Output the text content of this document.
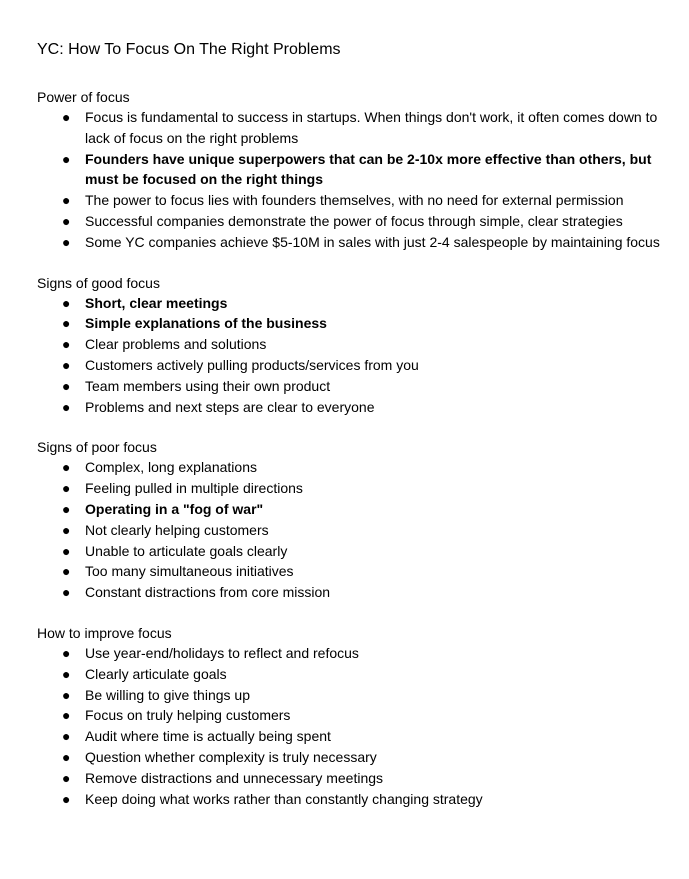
YC: How To Focus On The Right Problems
Power of focus
● Focus is fundamental to success in startups. When things don't work, it often comes down to lack of focus on the right problems
● Founders have unique superpowers that can be 2-10x more effective than others, but must be focused on the right things
● The power to focus lies with founders themselves, with no need for external permission
● Successful companies demonstrate the power of focus through simple, clear strategies
● Some YC companies achieve $5-10M in sales with just 2-4 salespeople by maintaining focus
Signs of good focus
● Short, clear meetings
● Simple explanations of the business
● Clear problems and solutions
● Customers actively pulling products/services from you
● Team members using their own product
● Problems and next steps are clear to everyone
Signs of poor focus
● Complex, long explanations
● Feeling pulled in multiple directions
● Operating in a "fog of war"
● Not clearly helping customers
● Unable to articulate goals clearly
● Too many simultaneous initiatives
● Constant distractions from core mission
How to improve focus
● Use year-end/holidays to reflect and refocus
● Clearly articulate goals
● Be willing to give things up
● Focus on truly helping customers
● Audit where time is actually being spent
● Question whether complexity is truly necessary
● Remove distractions and unnecessary meetings
● Keep doing what works rather than constantly changing strategy
